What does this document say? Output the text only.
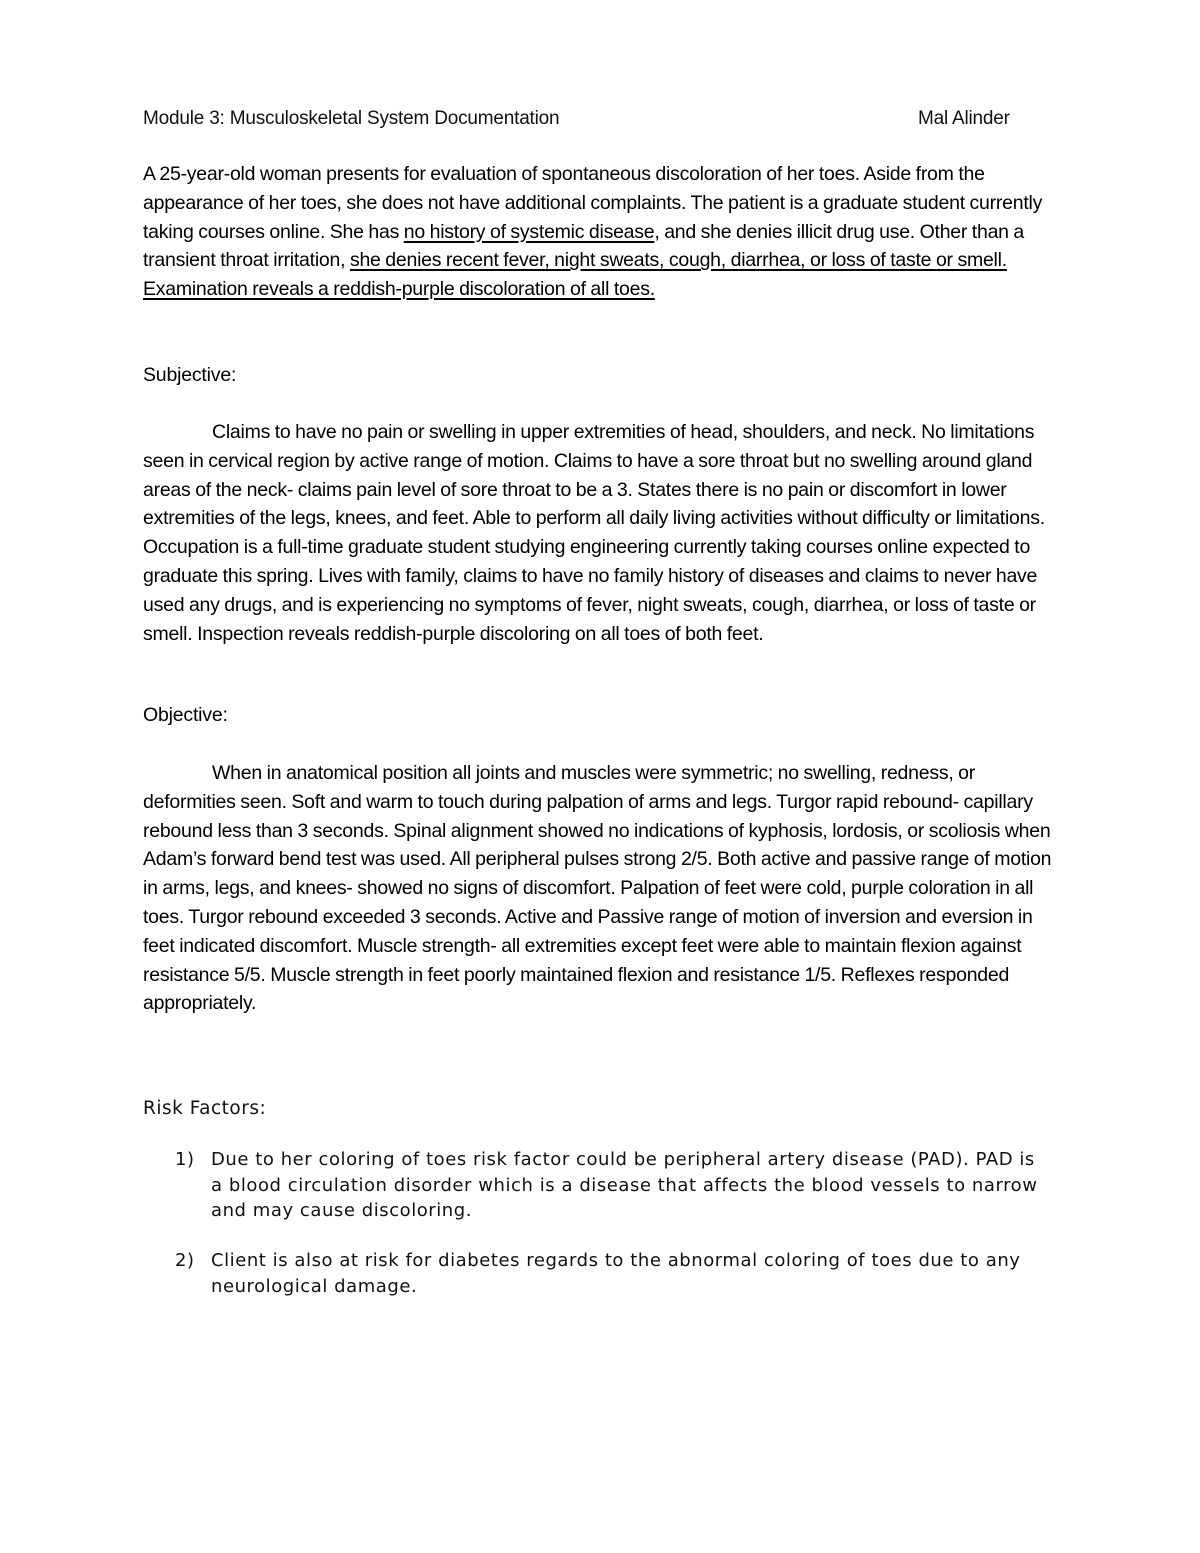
Module 3: Musculoskeletal System Documentation	Mal Alinder

A 25-year-old woman presents for evaluation of spontaneous discoloration of her toes. Aside from the appearance of her toes, she does not have additional complaints. The patient is a graduate student currently taking courses online. She has no history of systemic disease, and she denies illicit drug use. Other than a transient throat irritation, she denies recent fever, night sweats, cough, diarrhea, or loss of taste or smell. Examination reveals a reddish-purple discoloration of all toes.

Subjective:

Claims to have no pain or swelling in upper extremities of head, shoulders, and neck. No limitations seen in cervical region by active range of motion. Claims to have a sore throat but no swelling around gland areas of the neck- claims pain level of sore throat to be a 3. States there is no pain or discomfort in lower extremities of the legs, knees, and feet. Able to perform all daily living activities without difficulty or limitations. Occupation is a full-time graduate student studying engineering currently taking courses online expected to graduate this spring. Lives with family, claims to have no family history of diseases and claims to never have used any drugs, and is experiencing no symptoms of fever, night sweats, cough, diarrhea, or loss of taste or smell. Inspection reveals reddish-purple discoloring on all toes of both feet.

Objective:

When in anatomical position all joints and muscles were symmetric; no swelling, redness, or deformities seen. Soft and warm to touch during palpation of arms and legs. Turgor rapid rebound- capillary rebound less than 3 seconds. Spinal alignment showed no indications of kyphosis, lordosis, or scoliosis when Adam’s forward bend test was used. All peripheral pulses strong 2/5. Both active and passive range of motion in arms, legs, and knees- showed no signs of discomfort. Palpation of feet were cold, purple coloration in all toes. Turgor rebound exceeded 3 seconds. Active and Passive range of motion of inversion and eversion in feet indicated discomfort. Muscle strength- all extremities except feet were able to maintain flexion against resistance 5/5. Muscle strength in feet poorly maintained flexion and resistance 1/5. Reflexes responded appropriately.

Risk Factors:
1) Due to her coloring of toes risk factor could be peripheral artery disease (PAD). PAD is a blood circulation disorder which is a disease that affects the blood vessels to narrow and may cause discoloring.
2) Client is also at risk for diabetes regards to the abnormal coloring of toes due to any neurological damage.
